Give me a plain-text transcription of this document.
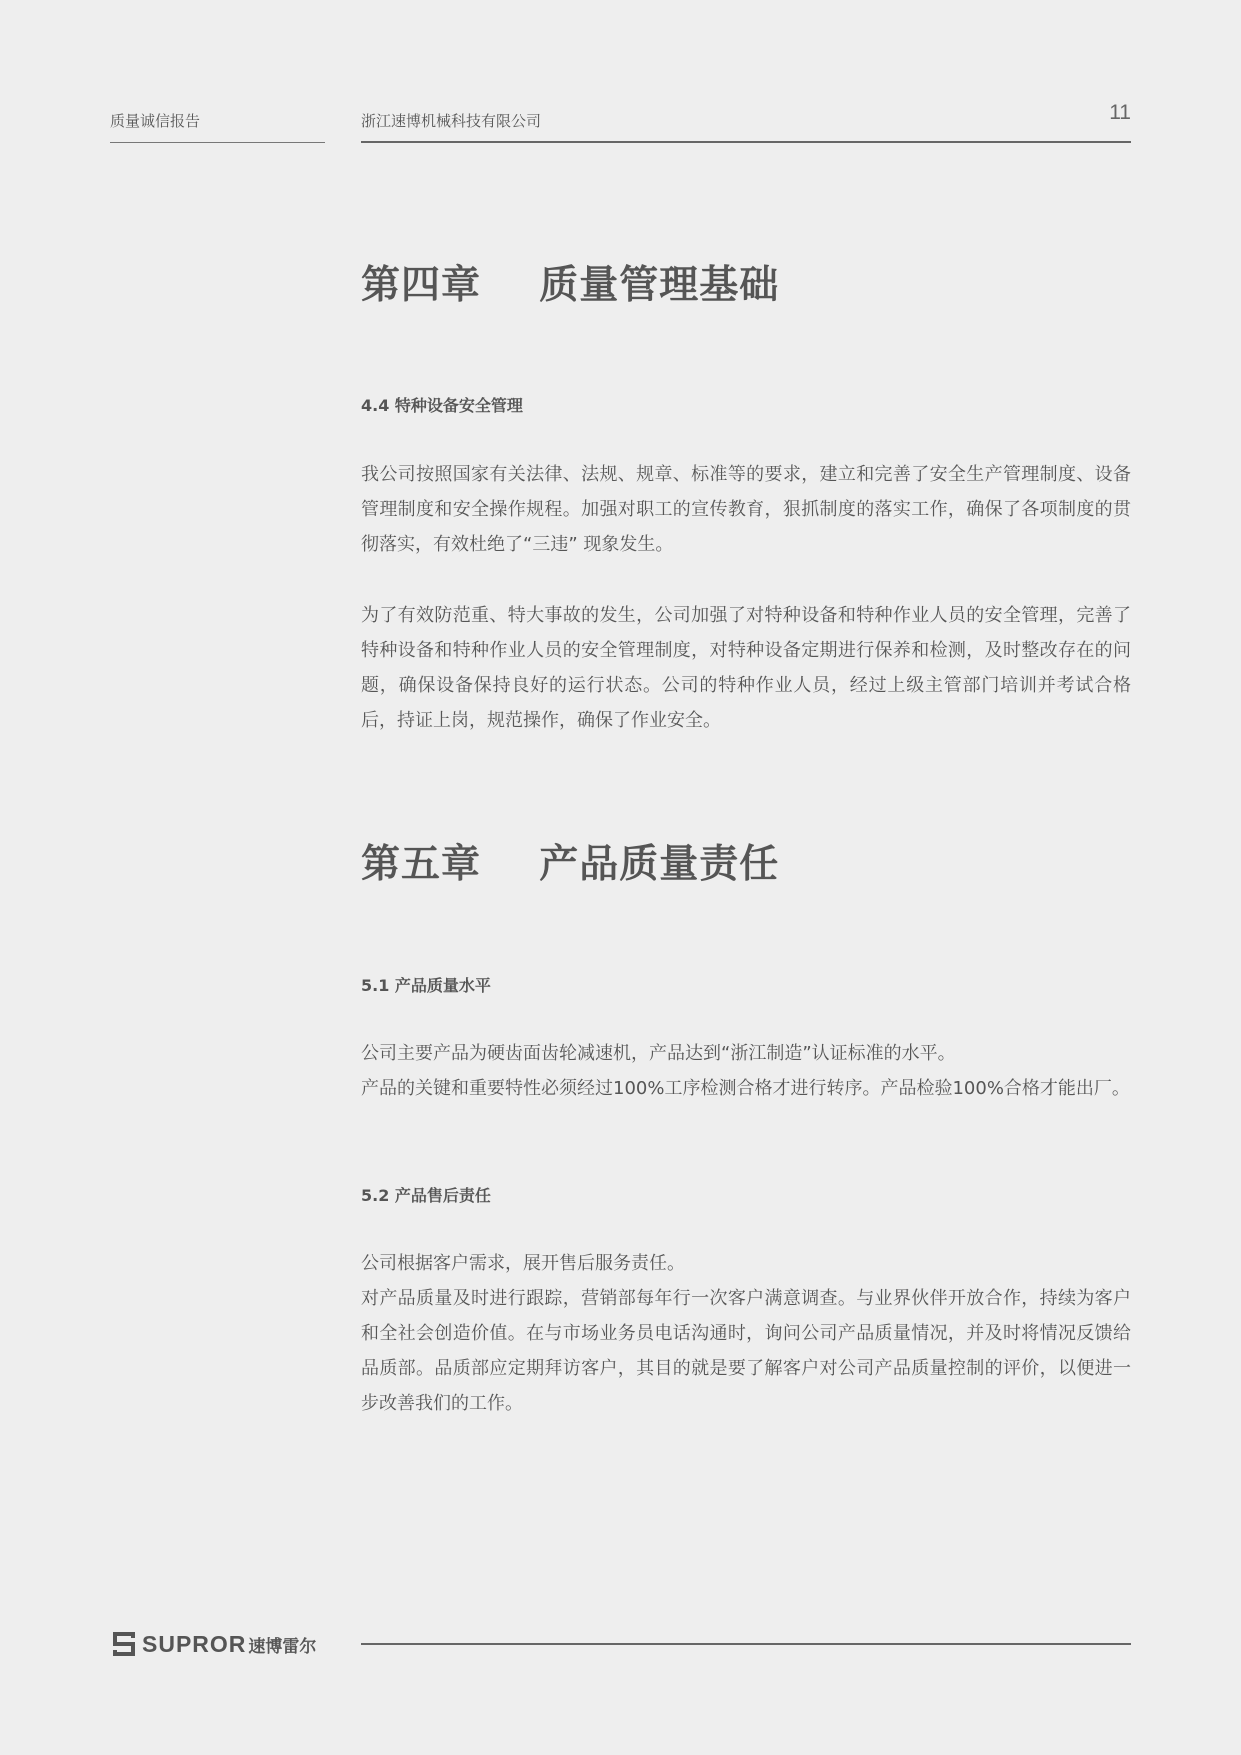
质量诚信报告	浙江速博机械科技有限公司	11
第四章    质量管理基础
4.4 特种设备安全管理

我公司按照国家有关法律、法规、规章、标准等的要求，建立和完善了安全生产管理制度、设备管理制度和安全操作规程。加强对职工的宣传教育，狠抓制度的落实工作，确保了各项制度的贯彻落实，有效杜绝了“三违” 现象发生。

为了有效防范重、特大事故的发生，公司加强了对特种设备和特种作业人员的安全管理，完善了特种设备和特种作业人员的安全管理制度，对特种设备定期进行保养和检测，及时整改存在的问题，确保设备保持良好的运行状态。公司的特种作业人员，经过上级主管部门培训并考试合格后，持证上岗，规范操作，确保了作业安全。

第五章    产品质量责任
5.1 产品质量水平

公司主要产品为硬齿面齿轮减速机，产品达到“浙江制造”认证标准的水平。

产品的关键和重要特性必须经过100%工序检测合格才进行转序。产品检验100%合格才能出厂。

5.2 产品售后责任

公司根据客户需求，展开售后服务责任。

对产品质量及时进行跟踪，营销部每年行一次客户满意调查。与业界伙伴开放合作，持续为客户和全社会创造价值。在与市场业务员电话沟通时，询问公司产品质量情况，并及时将情况反馈给品质部。品质部应定期拜访客户，其目的就是要了解客户对公司产品质量控制的评价，以便进一步改善我们的工作。

SUPROR 速博雷尔
